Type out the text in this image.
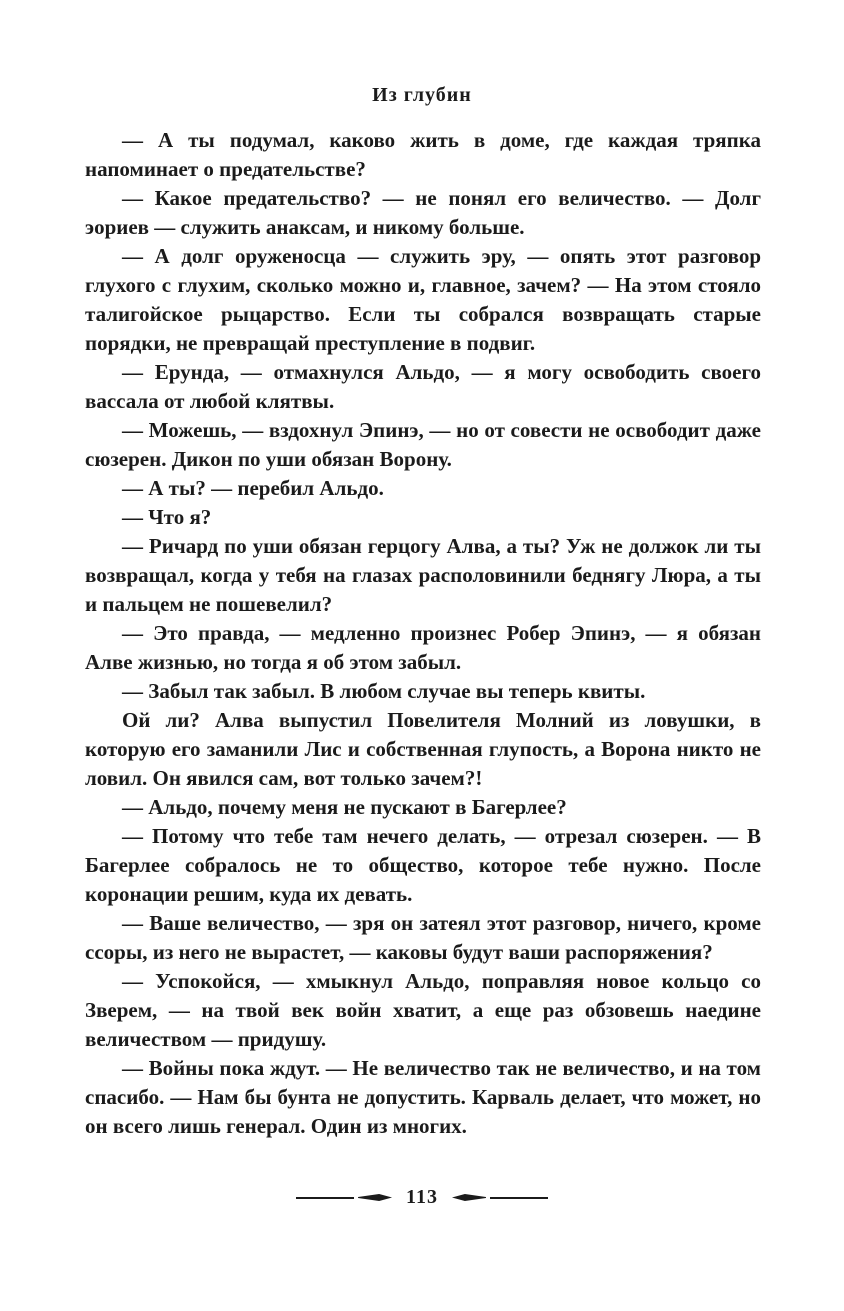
Из глубин

— А ты подумал, каково жить в доме, где каждая тряпка напоминает о предательстве?

— Какое предательство? — не понял его величество. — Долг эориев — служить анаксам, и никому больше.

— А долг оруженосца — служить эру, — опять этот разговор глухого с глухим, сколько можно и, главное, зачем? — На этом стояло талигойское рыцарство. Если ты собрался возвращать старые порядки, не превращай преступление в подвиг.

— Ерунда, — отмахнулся Альдо, — я могу освободить своего вассала от любой клятвы.

— Можешь, — вздохнул Эпинэ, — но от совести не освободит даже сюзерен. Дикон по уши обязан Ворону.

— А ты? — перебил Альдо.

— Что я?

— Ричард по уши обязан герцогу Алва, а ты? Уж не должок ли ты возвращал, когда у тебя на глазах располовинили беднягу Люра, а ты и пальцем не пошевелил?

— Это правда, — медленно произнес Робер Эпинэ, — я обязан Алве жизнью, но тогда я об этом забыл.

— Забыл так забыл. В любом случае вы теперь квиты.

Ой ли? Алва выпустил Повелителя Молний из ловушки, в которую его заманили Лис и собственная глупость, а Ворона никто не ловил. Он явился сам, вот только зачем?!

— Альдо, почему меня не пускают в Багерлее?

— Потому что тебе там нечего делать, — отрезал сюзерен. — В Багерлее собралось не то общество, которое тебе нужно. После коронации решим, куда их девать.

— Ваше величество, — зря он затеял этот разговор, ничего, кроме ссоры, из него не вырастет, — каковы будут ваши распоряжения?

— Успокойся, — хмыкнул Альдо, поправляя новое кольцо со Зверем, — на твой век войн хватит, а еще раз обзовешь наедине величеством — придушу.

— Войны пока ждут. — Не величество так не величество, и на том спасибо. — Нам бы бунта не допустить. Карваль делает, что может, но он всего лишь генерал. Один из многих.

113
